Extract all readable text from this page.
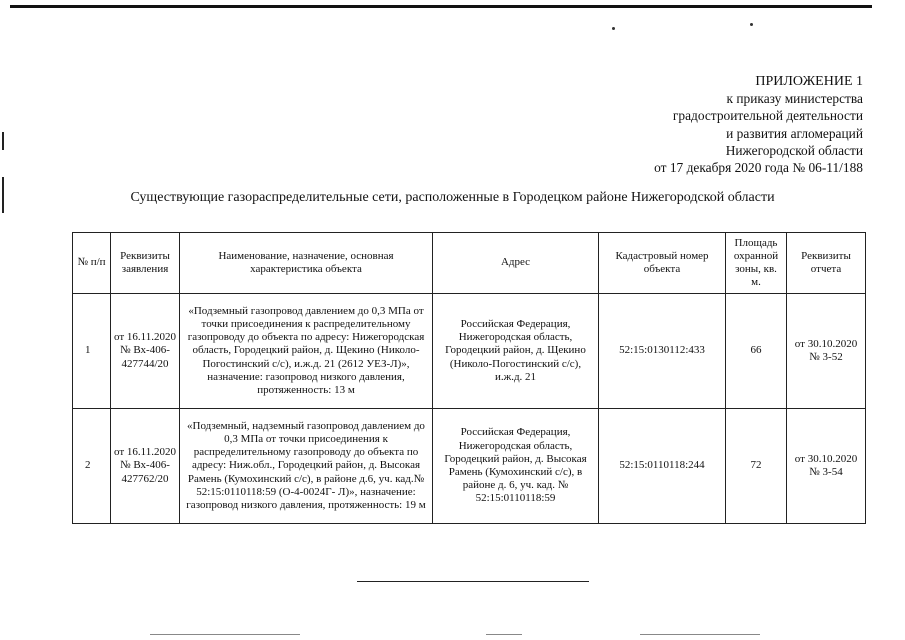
ПРИЛОЖЕНИЕ 1
к приказу министерства
градостроительной деятельности
и развития агломераций
Нижегородской области
от 17 декабря 2020 года № 06-11/188
Существующие газораспределительные сети, расположенные в Городецком районе Нижегородской области
№ п/п	Реквизиты заявления	Наименование, назначение, основная характеристика объекта	Адрес	Кадастровый номер объекта	Площадь охранной зоны, кв. м.	Реквизиты отчета
1	от 16.11.2020 № Вх-406-427744/20	«Подземный газопровод давлением до 0,3 МПа от точки присоединения к распределительному газопроводу до объекта по адресу: Нижегородская область, Городецкий район, д. Щекино (Николо-Погостинский с/с), и.ж.д. 21 (2612 УЕЗ-Л)», назначение: газопровод низкого давления, протяженность: 13 м	Российская Федерация, Нижегородская область, Городецкий район, д. Щекино (Николо-Погостинский с/с), и.ж.д. 21	52:15:0130112:433	66	от 30.10.2020 № 3-52
2	от 16.11.2020 № Вх-406-427762/20	«Подземный, надземный газопровод давлением до 0,3 МПа от точки присоединения к распределительному газопроводу до объекта по адресу: Ниж.обл., Городецкий район, д. Высокая Рамень (Кумохинский с/с), в районе д.6, уч. кад.№ 52:15:0110118:59 (О-4-0024Г- Л)», назначение: газопровод низкого давления, протяженность: 19 м	Российская Федерация, Нижегородская область, Городецкий район, д. Высокая Рамень (Кумохинский с/с), в районе д. 6, уч. кад. № 52:15:0110118:59	52:15:0110118:244	72	от 30.10.2020 № 3-54
